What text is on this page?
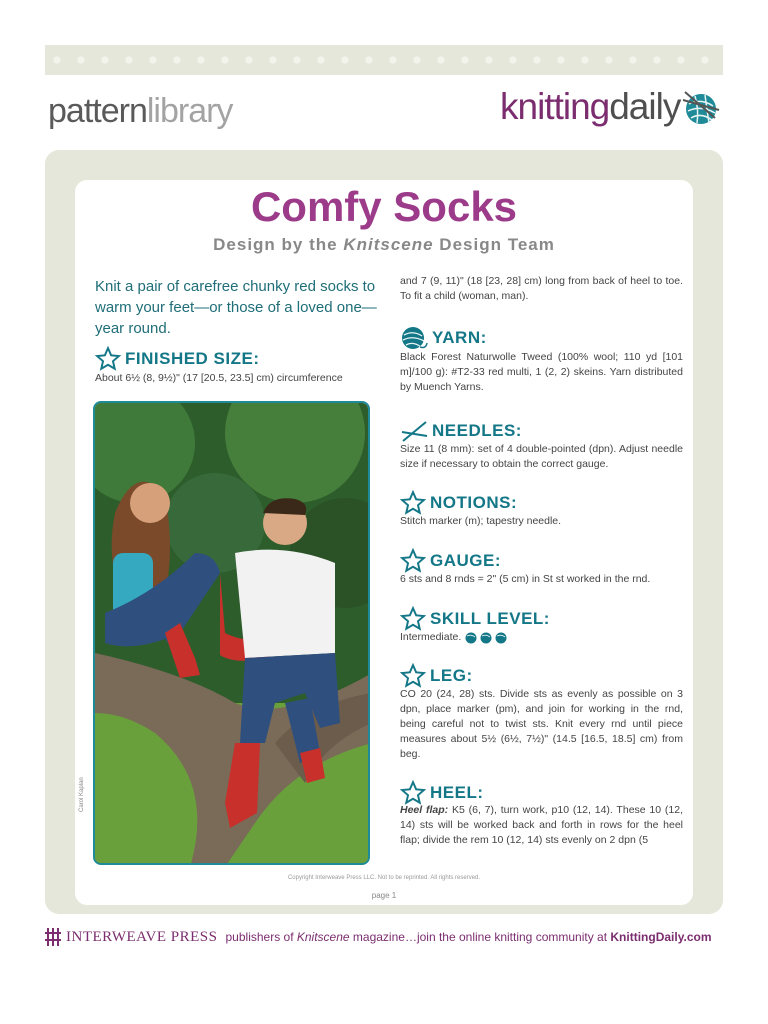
patternlibrary	knittingdaily
Comfy Socks
Design by the Knitscene Design Team

Knit a pair of carefree chunky red socks to warm your feet—or those of a loved one—year round.

FINISHED SIZE:

About 6½ (8, 9½)" (17 [20.5, 23.5] cm) circumference

Carol Kaplan

and 7 (9, 11)" (18 [23, 28] cm) long from back of heel to toe. To fit a child (woman, man).

YARN:

Black Forest Naturwolle Tweed (100% wool; 110 yd [101 m]/100 g): #T2-33 red multi, 1 (2, 2) skeins. Yarn distributed by Muench Yarns.

NEEDLES:

Size 11 (8 mm): set of 4 double-pointed (dpn). Adjust needle size if necessary to obtain the correct gauge.

NOTIONS:

Stitch marker (m); tapestry needle.

GAUGE:

6 sts and 8 rnds = 2" (5 cm) in St st worked in the rnd.

SKILL LEVEL:

Intermediate.

LEG:

CO 20 (24, 28) sts. Divide sts as evenly as possible on 3 dpn, place marker (pm), and join for working in the rnd, being careful not to twist sts. Knit every rnd until piece measures about 5½ (6½, 7½)" (14.5 [16.5, 18.5] cm) from beg.

HEEL:

Heel flap: K5 (6, 7), turn work, p10 (12, 14). These 10 (12, 14) sts will be worked back and forth in rows for the heel flap; divide the rem 10 (12, 14) sts evenly on 2 dpn (5

Copyright Interweave Press LLC. Not to be reprinted. All rights reserved.
page 1
INTERWEAVE PRESS publishers of Knitscene magazine…join the online knitting community at KnittingDaily.com
